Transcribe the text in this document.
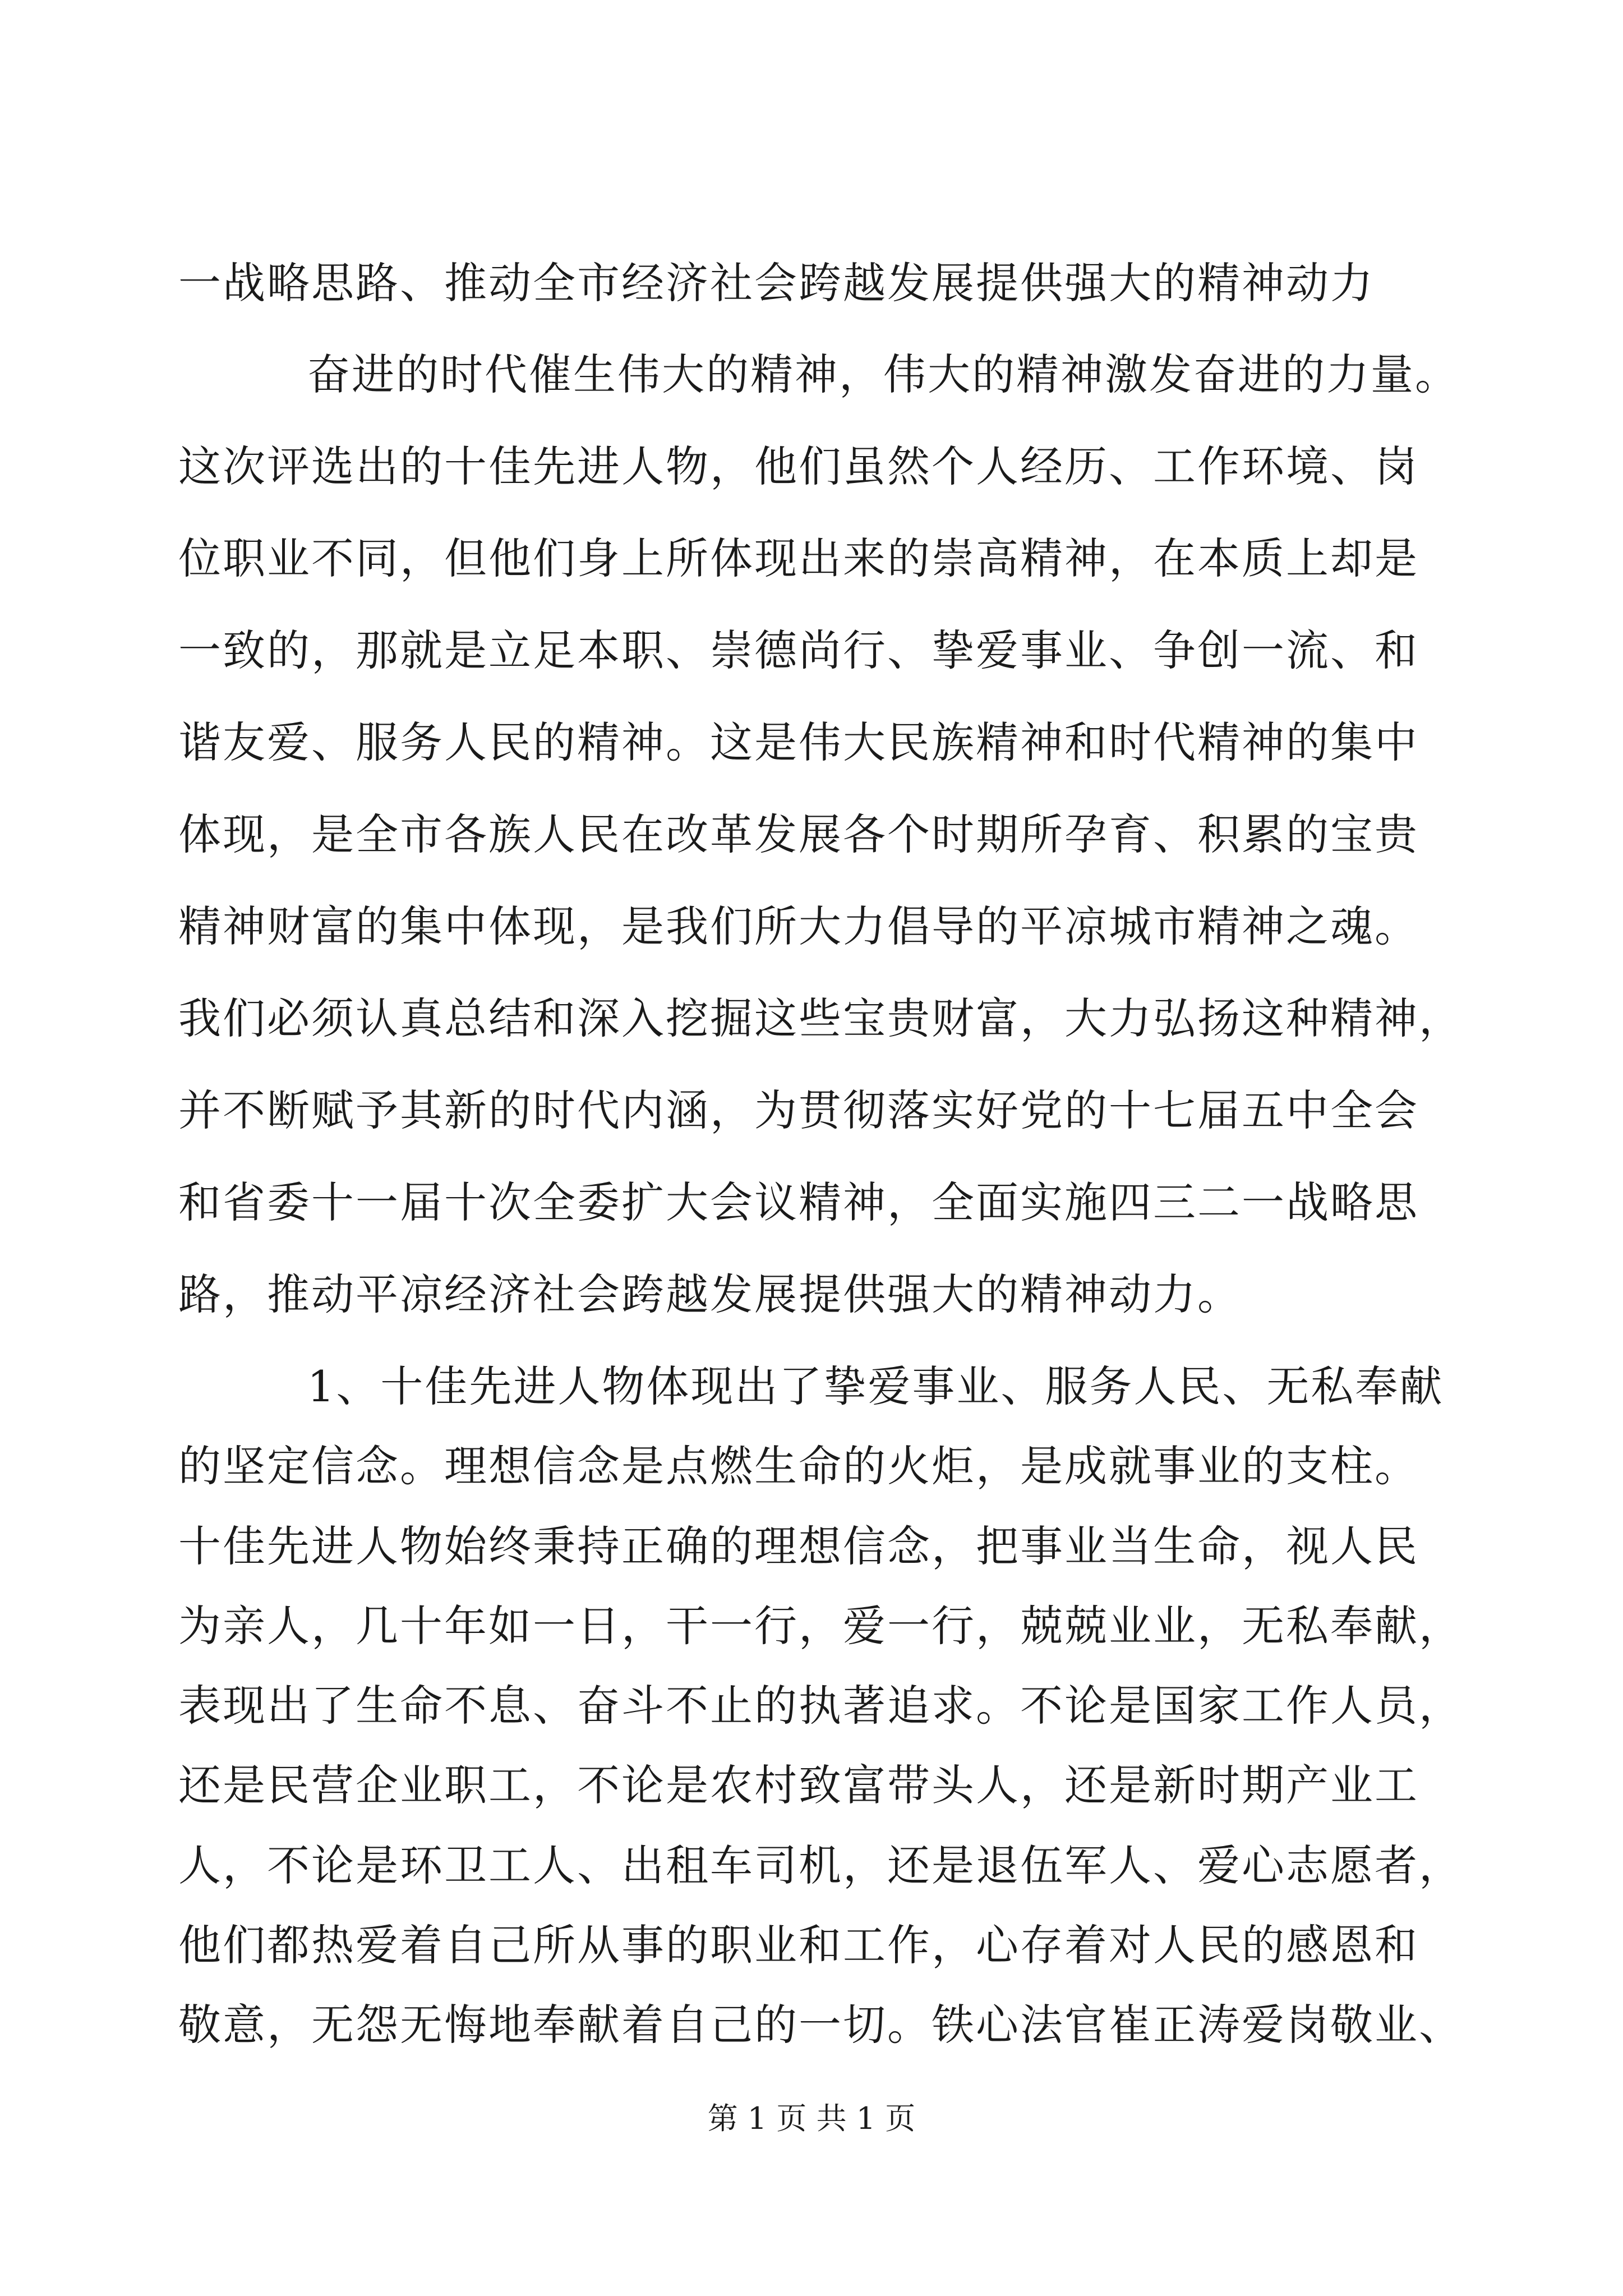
一战略思路、推动全市经济社会跨越发展提供强大的精神动力
奋进的时代催生伟大的精神，伟大的精神激发奋进的力量。
这次评选出的十佳先进人物，他们虽然个人经历、工作环境、岗
位职业不同，但他们身上所体现出来的崇高精神，在本质上却是
一致的，那就是立足本职、崇德尚行、挚爱事业、争创一流、和
谐友爱、服务人民的精神。这是伟大民族精神和时代精神的集中
体现，是全市各族人民在改革发展各个时期所孕育、积累的宝贵
精神财富的集中体现，是我们所大力倡导的平凉城市精神之魂。
我们必须认真总结和深入挖掘这些宝贵财富，大力弘扬这种精神，
并不断赋予其新的时代内涵，为贯彻落实好党的十七届五中全会
和省委十一届十次全委扩大会议精神，全面实施四三二一战略思
路，推动平凉经济社会跨越发展提供强大的精神动力。
1、十佳先进人物体现出了挚爱事业、服务人民、无私奉献
的坚定信念。理想信念是点燃生命的火炬，是成就事业的支柱。
十佳先进人物始终秉持正确的理想信念，把事业当生命，视人民
为亲人，几十年如一日，干一行，爱一行，兢兢业业，无私奉献，
表现出了生命不息、奋斗不止的执著追求。不论是国家工作人员，
还是民营企业职工，不论是农村致富带头人，还是新时期产业工
人，不论是环卫工人、出租车司机，还是退伍军人、爱心志愿者，
他们都热爱着自己所从事的职业和工作，心存着对人民的感恩和
第 1 页 共 1 页
敬意，无怨无悔地奉献着自己的一切。铁心法官崔正涛爱岗敬业、
